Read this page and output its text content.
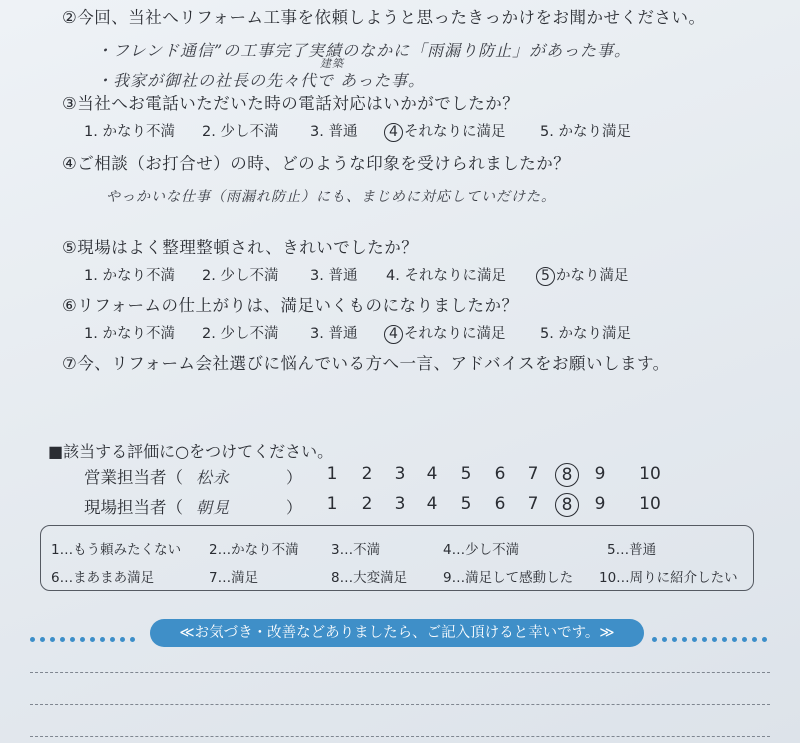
②今回、当社へリフォーム工事を依頼しようと思ったきっかけをお聞かせください。
・フレンド通信”の工事完了実績のなかに「雨漏り防止」があった事。
・我家が御社の社長の先々代で
建築
あった事。
③当社へお電話いただいた時の電話対応はいかがでしたか？
1. かなり不満 2. 少し不満 3. 普通	4 それなりに満足 5. かなり満足
④ご相談（お打合せ）の時、どのような印象を受けられましたか？
やっかいな仕事（雨漏れ防止）にも、まじめに対応していだけた。
⑤現場はよく整理整頓され、きれいでしたか？
1. かなり不満 2. 少し不満 3. 普通 4. それなりに満足	5 かなり満足
⑥リフォームの仕上がりは、満足いくものになりましたか？
1. かなり不満 2. 少し不満 3. 普通	4 それなりに満足 5. かなり満足
⑦今、リフォーム会社選びに悩んでいる方へ一言、アドバイスをお願いします。
■該当する評価に○をつけてください。
営業担当者（ 松永	）	1	2	3	4	5	6	7	8	9	10
現場担当者（ 朝見	）	1	2	3	4	5	6	7	8	9	10
1…もう頼みたくない 2…かなり不満 3…不満	4…少し不満	5…普通
6…まあまあ満足	7…満足	8…大変満足	9…満足して感動した 10…周りに紹介したい
≪お気づき・改善などありましたら、ご記入頂けると幸いです。≫
